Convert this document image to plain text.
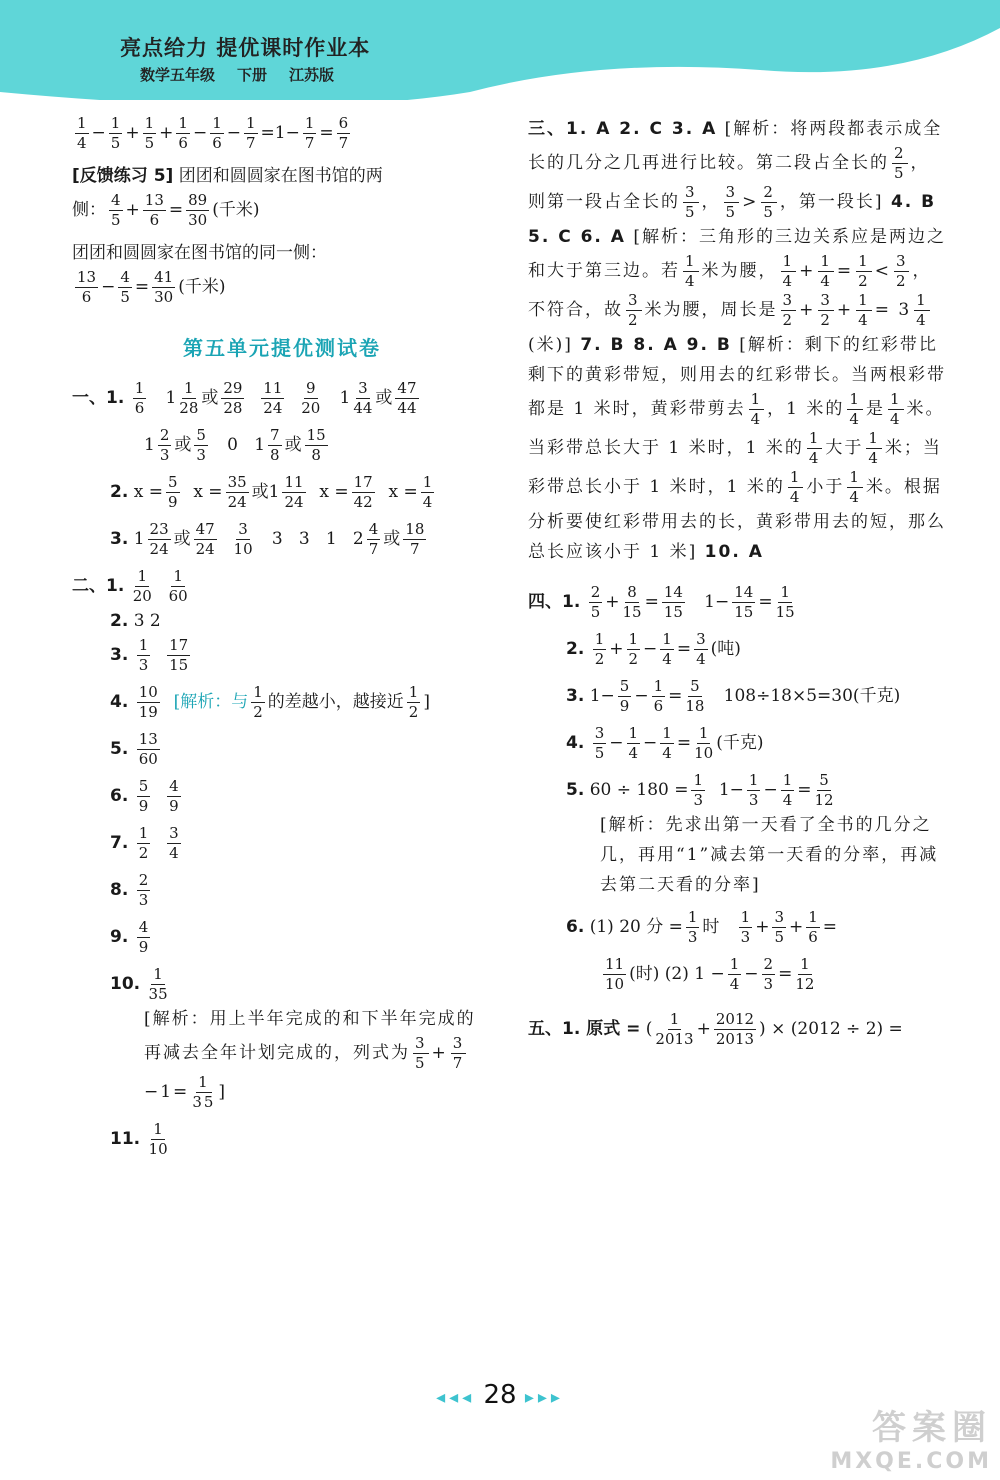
亮点给力 提优课时作业本
数学五年级 下册 江苏版
$\frac{1}{4} - \frac{1}{5} + \frac{1}{5} + \frac{1}{6} - \frac{1}{6} - \frac{1}{7} =1- \frac{1}{7} = \frac{6}{7}$
[反馈练习 5] 团团和圆圆家在图书馆的两
侧： $\frac{4}{5} + \frac{13}{6} = \frac{89}{30}$ (千米)
团团和圆圆家在图书馆的同一侧：
$\frac{13}{6} - \frac{4}{5} = \frac{41}{30}$ (千米)
第五单元提优测试卷
一、1. $\frac{1}{6} 1 \frac{1}{28}$ 或 $\frac{29}{28}$
$\frac{11}{24}$
$\frac{9}{20} 1 \frac{3}{44}$ 或 $\frac{47}{44}$
$1 \frac{2}{3}$ 或 $\frac{5}{3} 0$ $1 \frac{7}{8}$ 或 $\frac{15}{8}$
2. $x = \frac{5}{9}$ $x = \frac{35}{24}$ 或$1 \frac{11}{24}$ $x = \frac{17}{42}$ $x = \frac{1}{4}$
3. $1 \frac{23}{24}$ 或 $\frac{47}{24}$
$\frac{3}{10} 3$   3   1   $2 \frac{4}{7}$ 或 $\frac{18}{7}$
二、1. $\frac{1}{20}$
$\frac{1}{60}$
2. 3 2
3. $\frac{1}{3}$
$\frac{17}{15}$
4. $\frac{10}{19}$ [解析：与 $\frac{1}{2}$ 的差越小，越接近 $\frac{1}{2}$ ]
5. $\frac{13}{60}$
6. $\frac{5}{9}$
$\frac{4}{9}$
7. $\frac{1}{2}$
$\frac{3}{4}$
8. $\frac{2}{3}$
9. $\frac{4}{9}$
10. $\frac{1}{35}$
[解析：用上半年完成的和下半年完成的再减去全年计划完成的，列式为 $\frac{3}{5} + \frac{3}{7}$
$-1= \frac{1}{35}$ ]
11. $\frac{1}{10}$
三、1. A 2. C 3. A [解析：将两段都表示成全长的几分之几再进行比较。第二段占全长的 $\frac{2}{5}$ ，则第一段占全长的 $\frac{3}{5}$ ， $\frac{3}{5} > \frac{2}{5}$ ，第一段长] 4. B 5. C 6. A [解析：三角形的三边关系应是两边之和大于第三边。若 $\frac{1}{4}$ 米为腰， $\frac{1}{4} + \frac{1}{4} = \frac{1}{2} < \frac{3}{2}$ ，不符合，故 $\frac{3}{2}$ 米为腰，周长是 $\frac{3}{2} + \frac{3}{2} + \frac{1}{4} = 3 \frac{1}{4}$
(米)] 7. B 8. A 9. B [解析：剩下的红彩带比剩下的黄彩带短，则用去的红彩带长。当两根彩带都是 1 米时，黄彩带剪去 $\frac{1}{4}$ ，1 米的 $\frac{1}{4}$ 是 $\frac{1}{4}$ 米。当彩带总长大于 1 米时，1 米的 $\frac{1}{4}$ 大于 $\frac{1}{4}$ 米；当彩带总长小于 1 米时，1 米的 $\frac{1}{4}$ 小于 $\frac{1}{4}$ 米。根据分析要使红彩带用去的长，黄彩带用去的短，那么总长应该小于 1 米] 10. A
四、1. $\frac{2}{5} + \frac{8}{15} = \frac{14}{15} 1- \frac{14}{15} = \frac{1}{15}$
2. $\frac{1}{2} + \frac{1}{2} - \frac{1}{4} = \frac{3}{4}$ (吨)
3. $1- \frac{5}{9} - \frac{1}{6} = \frac{5}{18} 108\div 18\times 5=30$(千克)
4. $\frac{3}{5} - \frac{1}{4} - \frac{1}{4} = \frac{1}{10}$ (千克)
5. $60 \div 180 = \frac{1}{3} 1- \frac{1}{3} - \frac{1}{4} = \frac{5}{12}$
[解析：先求出第一天看了全书的几分之几，再用“1”减去第一天看的分率，再减去第二天看的分率]
6. (1) 20 分 = $\frac{1}{3}$ 时 $\frac{1}{3} + \frac{3}{5} + \frac{1}{6}$ =
$\frac{11}{10}$ (时) (2) $1 - \frac{1}{4} - \frac{2}{3} = \frac{1}{12}$
五、1. 原式 = ( $\frac{1}{2013} + \frac{2012}{2013}$ ) × (2012 ÷ 2) =
◂◂◂ 28 ▸▸▸
答案圈
MXQE.COM
